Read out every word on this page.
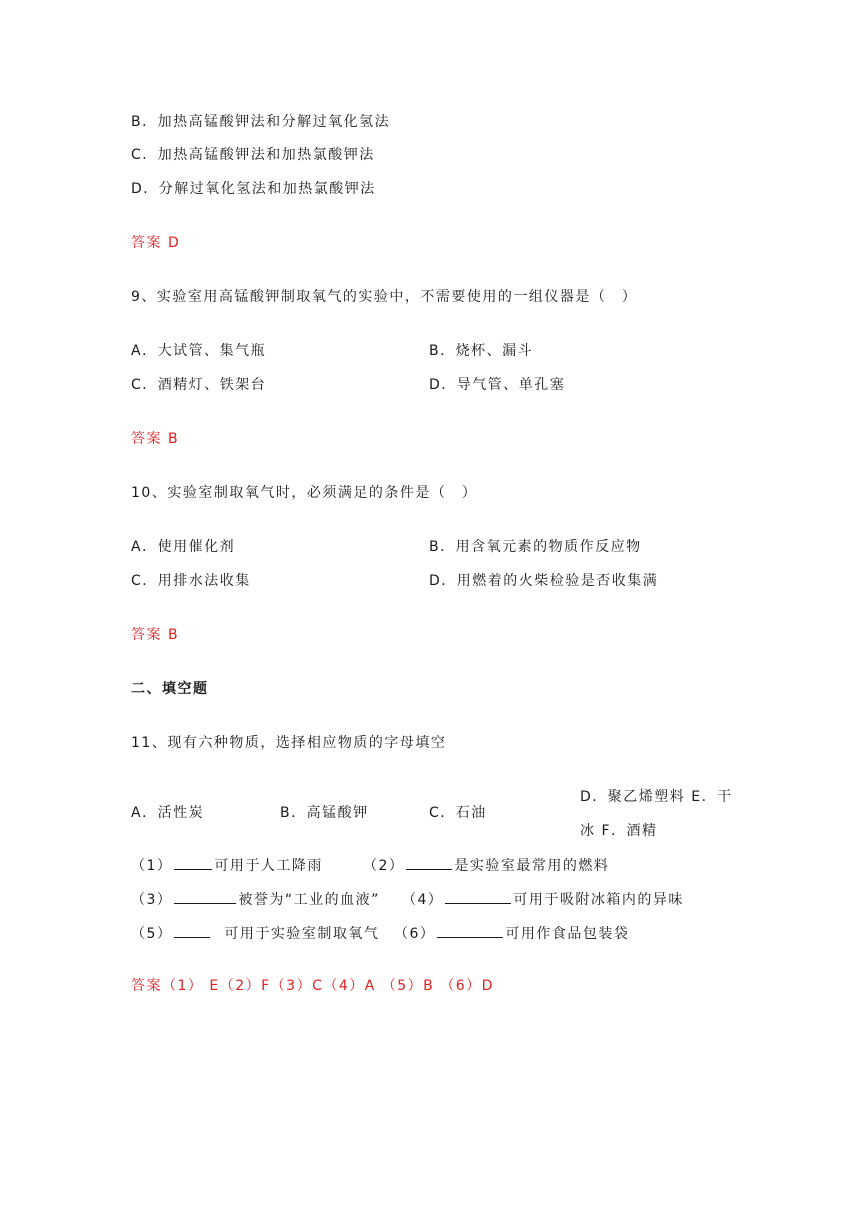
B．加热高锰酸钾法和分解过氧化氢法
C．加热高锰酸钾法和加热氯酸钾法
D．分解过氧化氢法和加热氯酸钾法
答案 D
9、实验室用高锰酸钾制取氧气的实验中，不需要使用的一组仪器是（　）
A．大试管、集气瓶	B．烧杯、漏斗
C．酒精灯、铁架台	D．导气管、单孔塞
答案 B
10、实验室制取氧气时，必须满足的条件是（　）
A．使用催化剂	B．用含氧元素的物质作反应物
C．用排水法收集	D．用燃着的火柴检验是否收集满
答案 B
二、填空题
11、现有六种物质，选择相应物质的字母填空
A．活性炭	B．高锰酸钾	C．石油
D．聚乙烯塑料 E．干
冰 F．酒精
（1）	可用于人工降雨	（2）	是实验室最常用的燃料
（3）	被誉为“工业的血液” （4）	可用于吸附冰箱内的异味
（5）	可用于实验室制取氧气 （6）	可用作食品包装袋
答案（1） E（2）F（3）C（4）A （5）B （6）D
